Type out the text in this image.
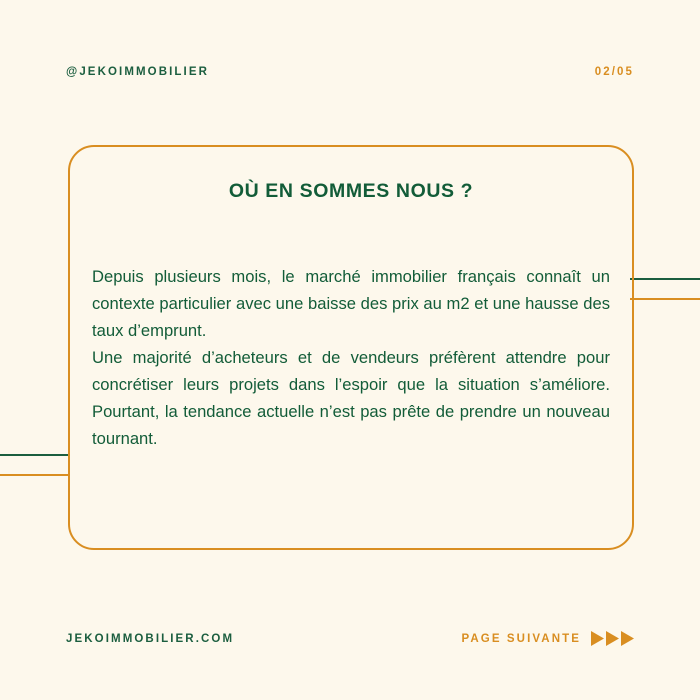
@JEKOIMMOBILIER	02/05
OÙ EN SOMMES NOUS ?

Depuis plusieurs mois, le marché immobilier français connaît un contexte particulier avec une baisse des prix au m2 et une hausse des taux d’emprunt.

Une majorité d’acheteurs et de vendeurs préfèrent attendre pour concrétiser leurs projets dans l’espoir que la situation s’améliore. Pourtant, la tendance actuelle n’est pas prête de prendre un nouveau tournant.

JEKOIMMOBILIER.COM	PAGE SUIVANTE
